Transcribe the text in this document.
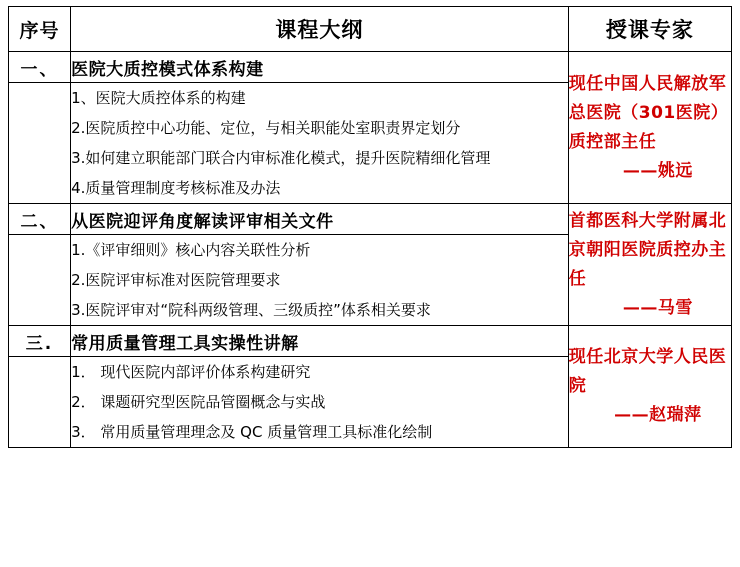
序号	课程大纲	授课专家
一、	医院大质控模式体系构建	现任中国人民解放军总医院（301医院）质控部主任
——姚远

	1、医院大质控体系的构建
2.医院质控中心功能、定位，与相关职能处室职责界定划分
3.如何建立职能部门联合内审标准化模式，提升医院精细化管理
4.质量管理制度考核标准及办法	

二、	从医院迎评角度解读评审相关文件	首都医科大学附属北京朝阳医院质控办主任
——马雪

	1.《评审细则》核心内容关联性分析
2.医院评审标准对医院管理要求
3.医院评审对“院科两级管理、三级质控”体系相关要求	

三.	常用质量管理工具实操性讲解	现任北京大学人民医院
——赵瑞萍

	1． 现代医院内部评价体系构建研究
2． 课题研究型医院品管圈概念与实战
3． 常用质量管理理念及 QC 质量管理工具标准化绘制	
